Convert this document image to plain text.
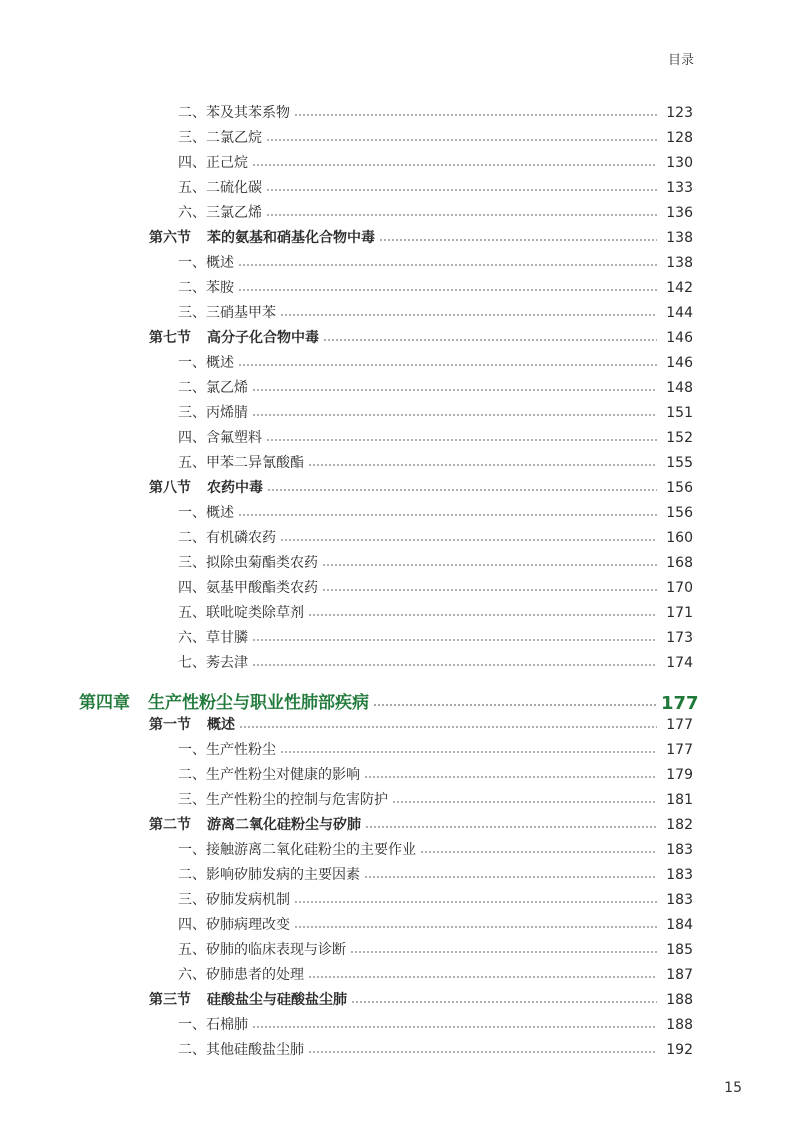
目录
二、苯及其苯系物	123
三、二氯乙烷	128
四、正己烷	130
五、二硫化碳	133
六、三氯乙烯	136
第六节 苯的氨基和硝基化合物中毒	138
一、概述	138
二、苯胺	142
三、三硝基甲苯	144
第七节 高分子化合物中毒	146
一、概述	146
二、氯乙烯	148
三、丙烯腈	151
四、含氟塑料	152
五、甲苯二异氰酸酯	155
第八节 农药中毒	156
一、概述	156
二、有机磷农药	160
三、拟除虫菊酯类农药	168
四、氨基甲酸酯类农药	170
五、联吡啶类除草剂	171
六、草甘膦	173
七、莠去津	174
第四章 生产性粉尘与职业性肺部疾病	177
第一节 概述	177
一、生产性粉尘	177
二、生产性粉尘对健康的影响	179
三、生产性粉尘的控制与危害防护	181
第二节 游离二氧化硅粉尘与矽肺	182
一、接触游离二氧化硅粉尘的主要作业	183
二、影响矽肺发病的主要因素	183
三、矽肺发病机制	183
四、矽肺病理改变	184
五、矽肺的临床表现与诊断	185
六、矽肺患者的处理	187
第三节 硅酸盐尘与硅酸盐尘肺	188
一、石棉肺	188
二、其他硅酸盐尘肺	192
15
